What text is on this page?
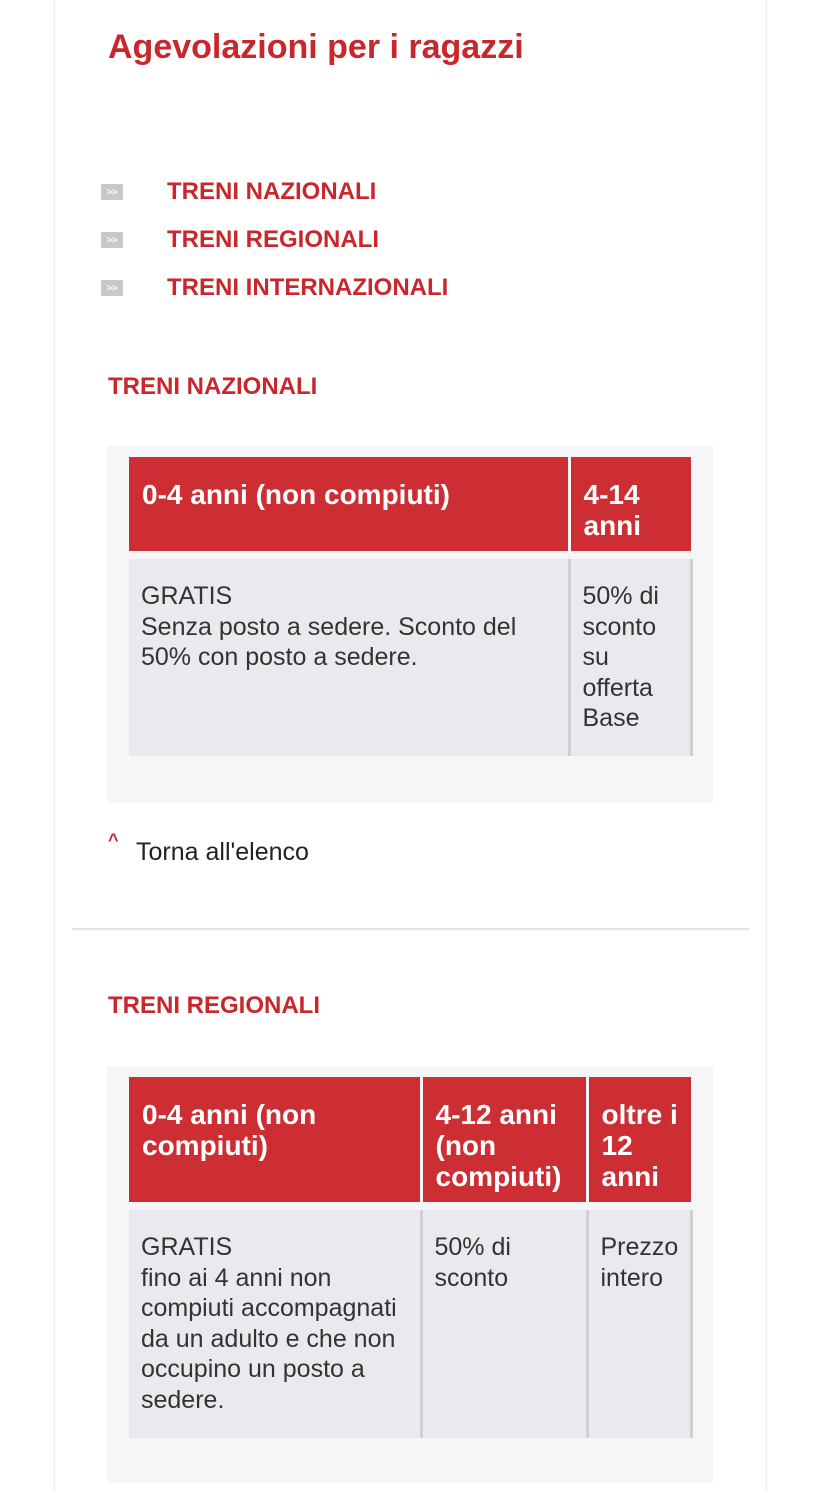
Agevolazioni per i ragazzi
>> TRENI NAZIONALI
>> TRENI REGIONALI
>> TRENI INTERNAZIONALI
TRENI NAZIONALI
0-4 anni (non compiuti)	4-14 anni

GRATIS
Senza posto a sedere. Sconto del 50% con posto a sedere.	50% di sconto su offerta Base
^ Torna all'elenco
TRENI REGIONALI
0-4 anni (non compiuti)	4-12 anni (non compiuti)	oltre i 12 anni

GRATIS
fino ai 4 anni non compiuti accompagnati da un adulto e che non occupino un posto a sedere.	50% di sconto	Prezzo intero
